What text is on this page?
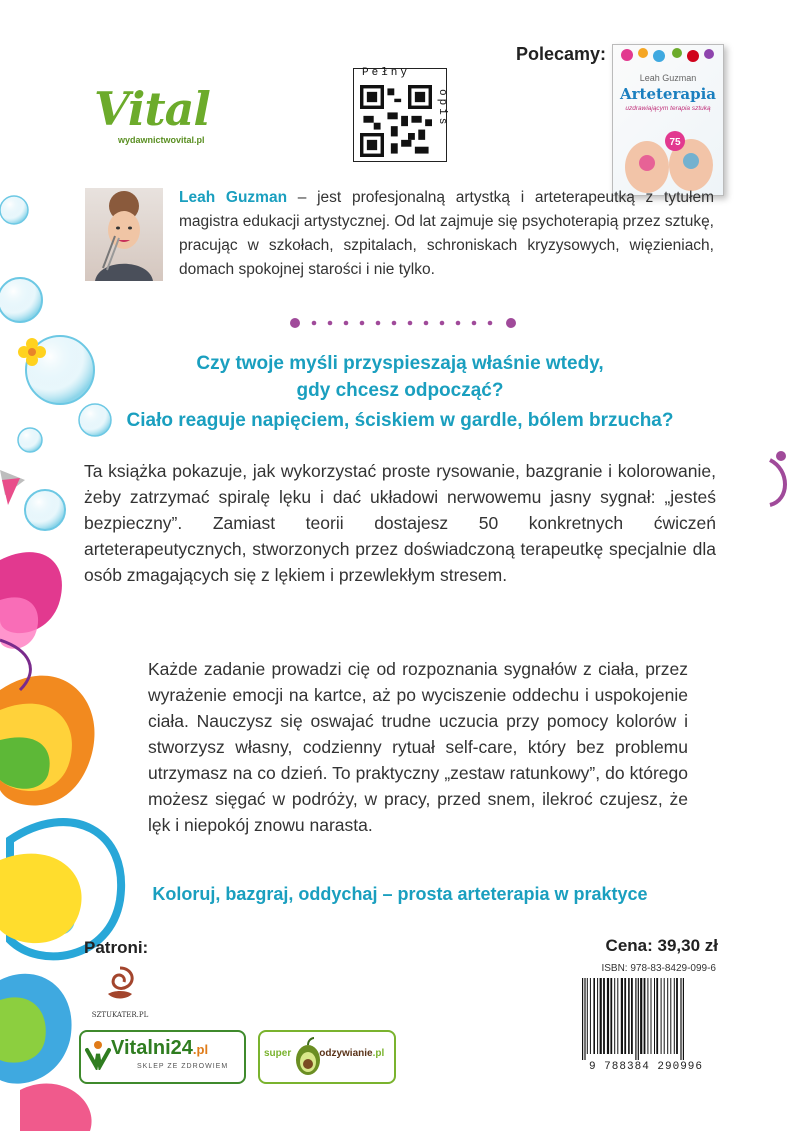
Vital
wydawnictwovital.pl
Pełny
opis
Polecamy:
Leah Guzman
Arteterapia
uzdrawiającym terapia sztuką
75
Leah Guzman – jest profesjonalną artystką i arteterapeutką z tytułem magistra edukacji artystycznej. Od lat zajmuje się psychoterapią przez sztukę, pracując w szkołach, szpitalach, schroniskach kryzysowych, więzieniach, domach spokojnej starości i nie tylko.
Czy twoje myśli przyspieszają właśnie wtedy,
gdy chcesz odpocząć?
Ciało reaguje napięciem, ściskiem w gardle, bólem brzucha?
Ta książka pokazuje, jak wykorzystać proste rysowanie, bazgranie i kolorowanie, żeby zatrzymać spiralę lęku i dać układowi nerwowemu jasny sygnał: „jesteś bezpieczny”. Zamiast teorii dostajesz 50 konkretnych ćwiczeń arteterapeutycznych, stworzonych przez doświadczoną terapeutkę specjalnie dla osób zmagających się z lękiem i przewlekłym stresem.
Każde zadanie prowadzi cię od rozpoznania sygnałów z ciała, przez wyrażenie emocji na kartce, aż po wyciszenie oddechu i uspokojenie ciała. Nauczysz się oswajać trudne uczucia przy pomocy kolorów i stworzysz własny, codzienny rytuał self-care, który bez problemu utrzymasz na co dzień. To praktyczny „zestaw ratunkowy”, do którego możesz sięgać w podróży, w pracy, przed snem, ilekroć czujesz, że lęk i niepokój znowu narasta.
Koloruj, bazgraj, oddychaj – prosta arteterapia w praktyce
Patroni:	Cena: 39,30 zł
ISBN: 978-83-8429-099-6
9 788384 290996
SZTUKATER.PL
Vitalni24.pl
SKLEP ZE ZDROWIEM
super	odzywianie.pl
